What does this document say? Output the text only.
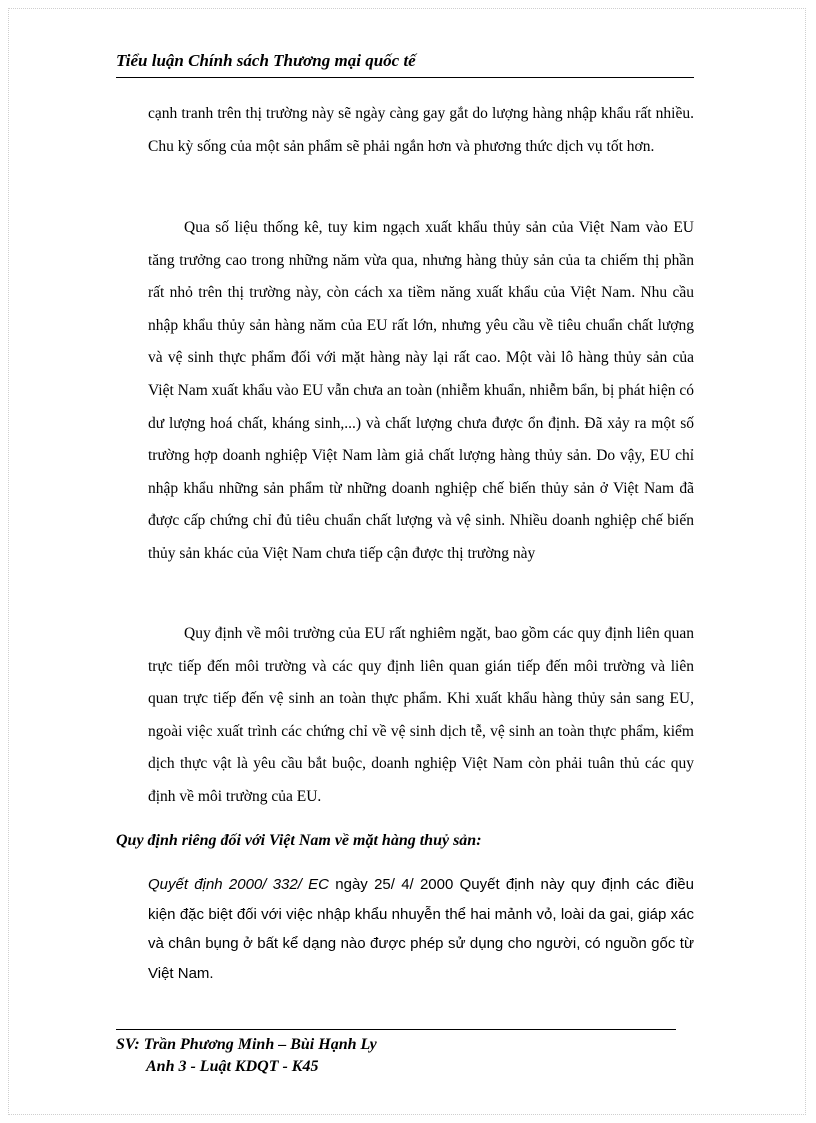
Tiểu luận Chính sách Thương mại quốc tế

cạnh tranh trên thị trường này sẽ ngày càng gay gắt do lượng hàng nhập khẩu rất nhiều. Chu kỳ sống của một sản phẩm sẽ phải ngắn hơn và phương thức dịch vụ tốt hơn.

Qua số liệu thống kê, tuy kim ngạch xuất khẩu thủy sản của Việt Nam vào EU tăng trưởng cao trong những năm vừa qua, nhưng hàng thủy sản của ta chiếm thị phần rất nhỏ trên thị trường này, còn cách xa tiềm năng xuất khẩu của Việt Nam. Nhu cầu nhập khẩu thủy sản hàng năm của EU rất lớn, nhưng yêu cầu về tiêu chuẩn chất lượng và vệ sinh thực phẩm đối với mặt hàng này lại rất cao. Một vài lô hàng thủy sản của Việt Nam xuất khẩu vào EU vẫn chưa an toàn (nhiễm khuẩn, nhiễm bẩn, bị phát hiện có dư lượng hoá chất, kháng sinh,...) và chất lượng chưa được ổn định. Đã xảy ra một số trường hợp doanh nghiệp Việt Nam làm giả chất lượng hàng thủy sản. Do vậy, EU chỉ nhập khẩu những sản phẩm từ những doanh nghiệp chế biến thủy sản ở Việt Nam đã được cấp chứng chỉ đủ tiêu chuẩn chất lượng và vệ sinh. Nhiều doanh nghiệp chế biến thủy sản khác của Việt Nam chưa tiếp cận được thị trường này

Quy định về môi trường của EU rất nghiêm ngặt, bao gồm các quy định liên quan trực tiếp đến môi trường và các quy định liên quan gián tiếp đến môi trường và liên quan trực tiếp đến vệ sinh an toàn thực phẩm. Khi xuất khẩu hàng thủy sản sang EU, ngoài việc xuất trình các chứng chỉ về vệ sinh dịch tễ, vệ sinh an toàn thực phẩm, kiểm dịch thực vật là yêu cầu bắt buộc, doanh nghiệp Việt Nam còn phải tuân thủ các quy định về môi trường của EU.

Quy định riêng đối với Việt Nam về mặt hàng thuỷ sản:

Quyết định 2000/ 332/ EC ngày 25/ 4/ 2000 Quyết định này quy định các điều kiện đặc biệt đối với việc nhập khẩu nhuyễn thể hai mảnh vỏ, loài da gai, giáp xác và chân bụng ở bất kể dạng nào được phép sử dụng cho người, có nguồn gốc từ Việt Nam.

SV: Trần Phương Minh – Bùi Hạnh Ly
Anh 3 - Luật KDQT - K45
